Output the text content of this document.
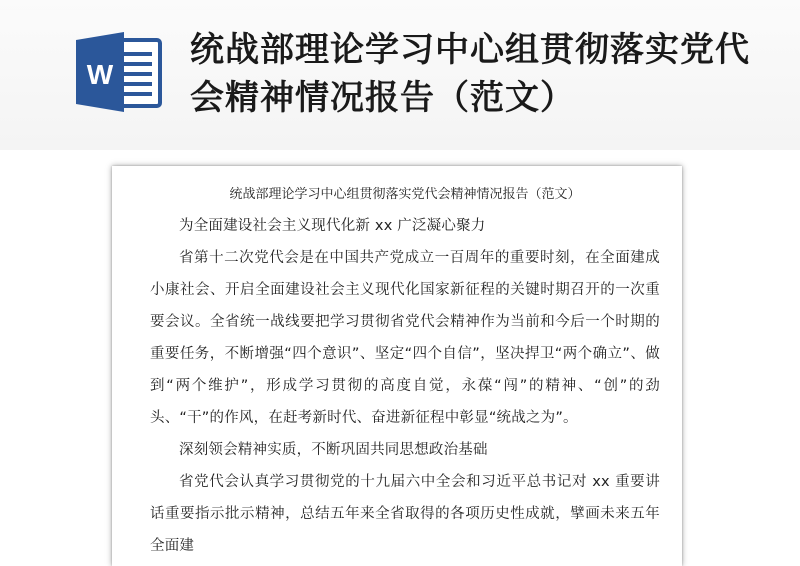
W
统战部理论学习中心组贯彻落实党代会精神情况报告（范文）

统战部理论学习中心组贯彻落实党代会精神情况报告（范文）

为全面建设社会主义现代化新 xx 广泛凝心聚力

省第十二次党代会是在中国共产党成立一百周年的重要时刻，在全面建成小康社会、开启全面建设社会主义现代化国家新征程的关键时期召开的一次重要会议。全省统一战线要把学习贯彻省党代会精神作为当前和今后一个时期的重要任务，不断增强“四个意识”、坚定“四个自信”，坚决捍卫“两个确立”、做到“两个维护”，形成学习贯彻的高度自觉，永葆“闯”的精神、“创”的劲头、“干”的作风，在赶考新时代、奋进新征程中彰显“统战之为”。

深刻领会精神实质，不断巩固共同思想政治基础

省党代会认真学习贯彻党的十九届六中全会和习近平总书记对 xx 重要讲话重要指示批示精神，总结五年来全省取得的各项历史性成就，擘画未来五年全面建
